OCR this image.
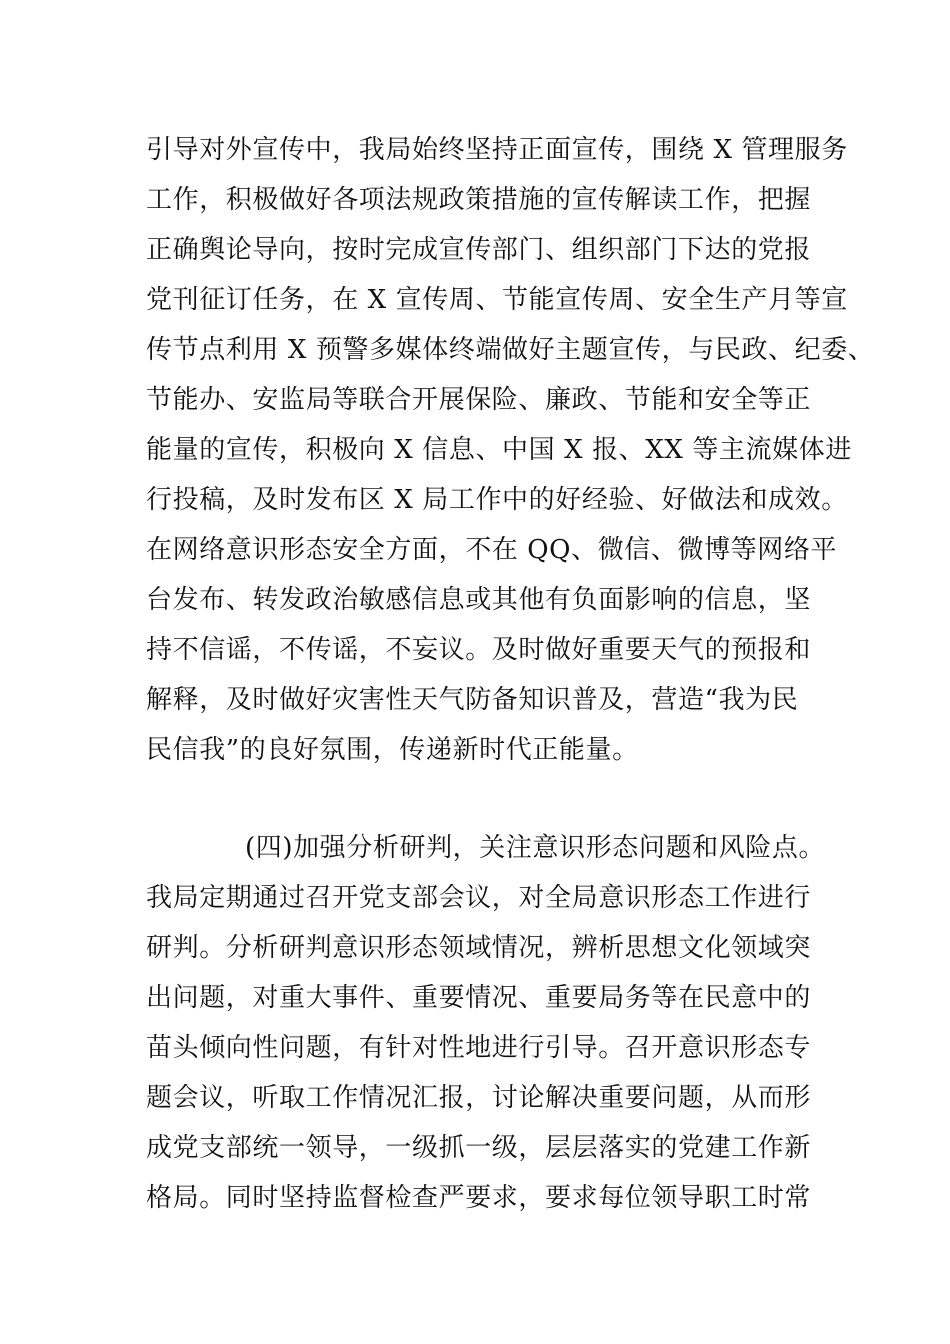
引导对外宣传中，我局始终坚持正面宣传，围绕 X 管理服务
工作，积极做好各项法规政策措施的宣传解读工作，把握
正确舆论导向，按时完成宣传部门、组织部门下达的党报
党刊征订任务，在 X 宣传周、节能宣传周、安全生产月等宣
传节点利用 X 预警多媒体终端做好主题宣传，与民政、纪委、
节能办、安监局等联合开展保险、廉政、节能和安全等正
能量的宣传，积极向 X 信息、中国 X 报、XX 等主流媒体进
行投稿，及时发布区 X 局工作中的好经验、好做法和成效。
在网络意识形态安全方面，不在 QQ、微信、微博等网络平
台发布、转发政治敏感信息或其他有负面影响的信息，坚
持不信谣，不传谣，不妄议。及时做好重要天气的预报和
解释，及时做好灾害性天气防备知识普及，营造“我为民
民信我”的良好氛围，传递新时代正能量。
(四)加强分析研判，关注意识形态问题和风险点。
我局定期通过召开党支部会议，对全局意识形态工作进行
研判。分析研判意识形态领域情况，辨析思想文化领域突
出问题，对重大事件、重要情况、重要局务等在民意中的
苗头倾向性问题，有针对性地进行引导。召开意识形态专
题会议，听取工作情况汇报，讨论解决重要问题，从而形
成党支部统一领导，一级抓一级，层层落实的党建工作新
格局。同时坚持监督检查严要求，要求每位领导职工时常
